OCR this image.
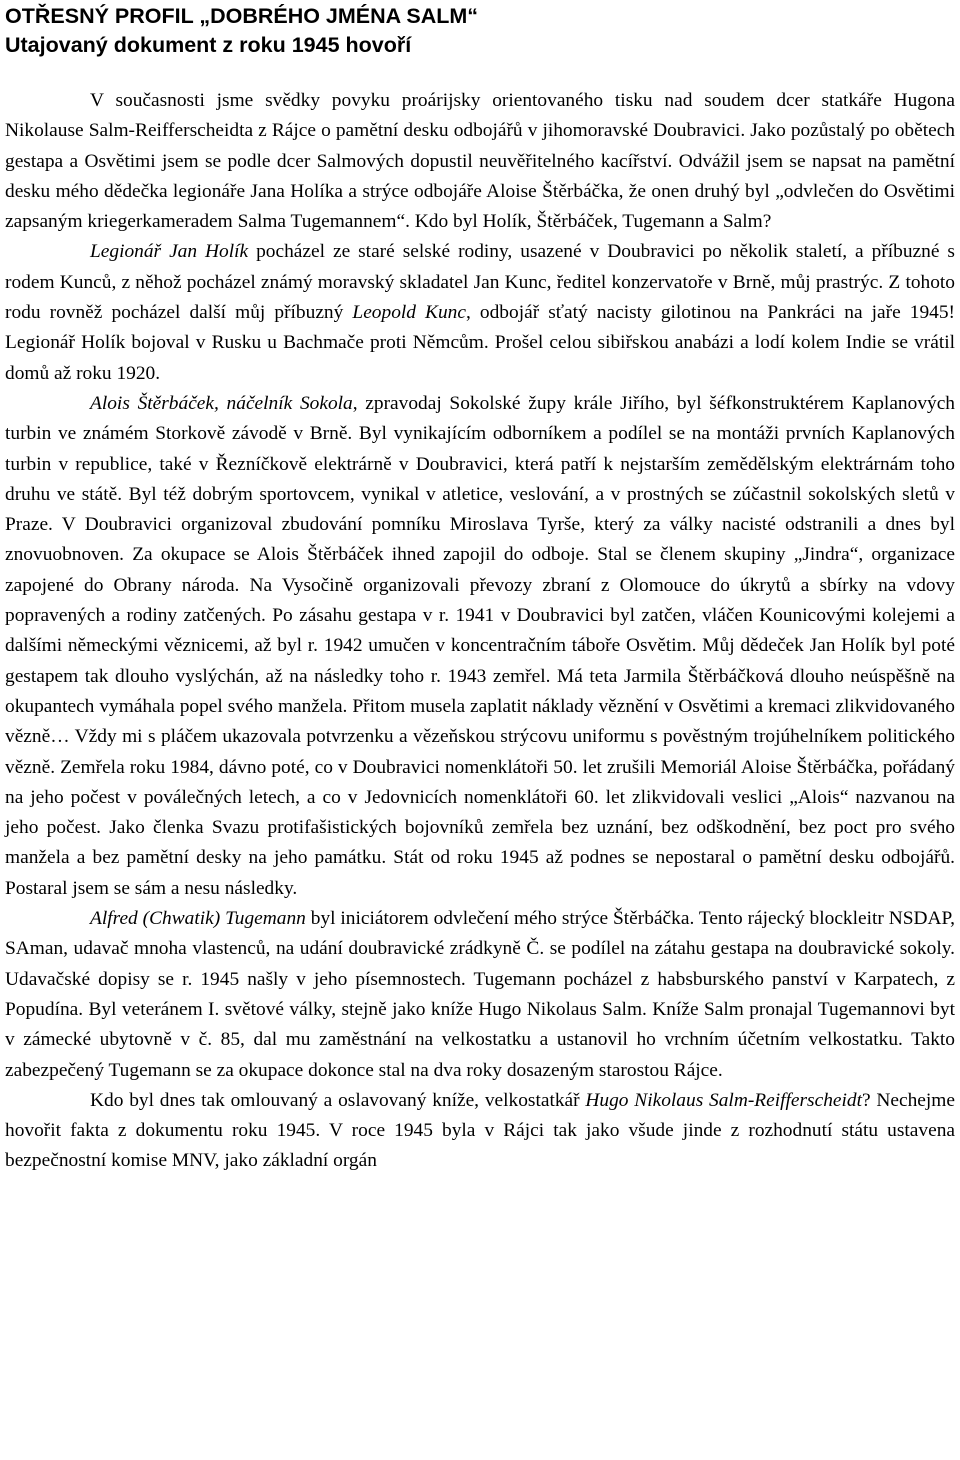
OTŘESNÝ PROFIL „DOBRÉHO JMÉNA SALM“
Utajovaný dokument z roku 1945 hovoří

V současnosti jsme svědky povyku proárijsky orientovaného tisku nad soudem dcer statkáře Hugona Nikolause Salm-Reifferscheidta z Rájce o pamětní desku odbojářů v jihomoravské Doubravici. Jako pozůstalý po obětech gestapa a Osvětimi jsem se podle dcer Salmových dopustil neuvěřitelného kacířství. Odvážil jsem se napsat na pamětní desku mého dědečka legionáře Jana Holíka a strýce odbojáře Aloise Štěrbáčka, že onen druhý byl „odvlečen do Osvětimi zapsaným kriegerkameradem Salma Tugemannem“. Kdo byl Holík, Štěrbáček, Tugemann a Salm?

Legionář Jan Holík pocházel ze staré selské rodiny, usazené v Doubravici po několik staletí, a příbuzné s rodem Kunců, z něhož pocházel známý moravský skladatel Jan Kunc, ředitel konzervatoře v Brně, můj prastrýc. Z tohoto rodu rovněž pocházel další můj příbuzný Leopold Kunc, odbojář sťatý nacisty gilotinou na Pankráci na jaře 1945! Legionář Holík bojoval v Rusku u Bachmače proti Němcům. Prošel celou sibiřskou anabázi a lodí kolem Indie se vrátil domů až roku 1920.

Alois Štěrbáček, náčelník Sokola, zpravodaj Sokolské župy krále Jiřího, byl šéfkonstruktérem Kaplanových turbin ve známém Storkově závodě v Brně. Byl vynikajícím odborníkem a podílel se na montáži prvních Kaplanových turbin v republice, také v Řezníčkově elektrárně v Doubravici, která patří k nejstarším zemědělským elektrárnám toho druhu ve státě. Byl též dobrým sportovcem, vynikal v atletice, veslování, a v prostných se zúčastnil sokolských sletů v Praze. V Doubravici organizoval zbudování pomníku Miroslava Tyrše, který za války nacisté odstranili a dnes byl znovuobnoven. Za okupace se Alois Štěrbáček ihned zapojil do odboje. Stal se členem skupiny „Jindra“, organizace zapojené do Obrany národa. Na Vysočině organizovali převozy zbraní z Olomouce do úkrytů a sbírky na vdovy popravených a rodiny zatčených. Po zásahu gestapa v r. 1941 v Doubravici byl zatčen, vláčen Kounicovými kolejemi a dalšími německými věznicemi, až byl r. 1942 umučen v koncentračním táboře Osvětim. Můj dědeček Jan Holík byl poté gestapem tak dlouho vyslýchán, až na následky toho r. 1943 zemřel. Má teta Jarmila Štěrbáčková dlouho neúspěšně na okupantech vymáhala popel svého manžela. Přitom musela zaplatit náklady věznění v Osvětimi a kremaci zlikvidovaného vězně… Vždy mi s pláčem ukazovala potvrzenku a vězeňskou strýcovu uniformu s pověstným trojúhelníkem politického vězně. Zemřela roku 1984, dávno poté, co v Doubravici nomenklátoři 50. let zrušili Memoriál Aloise Štěrbáčka, pořádaný na jeho počest v poválečných letech, a co v Jedovnicích nomenklátoři 60. let zlikvidovali veslici „Alois“ nazvanou na jeho počest. Jako členka Svazu protifašistických bojovníků zemřela bez uznání, bez odškodnění, bez poct pro svého manžela a bez pamětní desky na jeho památku. Stát od roku 1945 až podnes se nepostaral o pamětní desku odbojářů. Postaral jsem se sám a nesu následky.

Alfred (Chwatik) Tugemann byl iniciátorem odvlečení mého strýce Štěrbáčka. Tento rájecký blockleitr NSDAP, SAman, udavač mnoha vlastenců, na udání doubravické zrádkyně Č. se podílel na zátahu gestapa na doubravické sokoly. Udavačské dopisy se r. 1945 našly v jeho písemnostech. Tugemann pocházel z habsburského panství v Karpatech, z Popudína. Byl veteránem I. světové války, stejně jako kníže Hugo Nikolaus Salm. Kníže Salm pronajal Tugemannovi byt v zámecké ubytovně v č. 85, dal mu zaměstnání na velkostatku a ustanovil ho vrchním účetním velkostatku. Takto zabezpečený Tugemann se za okupace dokonce stal na dva roky dosazeným starostou Rájce.

Kdo byl dnes tak omlouvaný a oslavovaný kníže, velkostatkář Hugo Nikolaus Salm-Reifferscheidt? Nechejme hovořit fakta z dokumentu roku 1945. V roce 1945 byla v Rájci tak jako všude jinde z rozhodnutí státu ustavena bezpečnostní komise MNV, jako základní orgán
